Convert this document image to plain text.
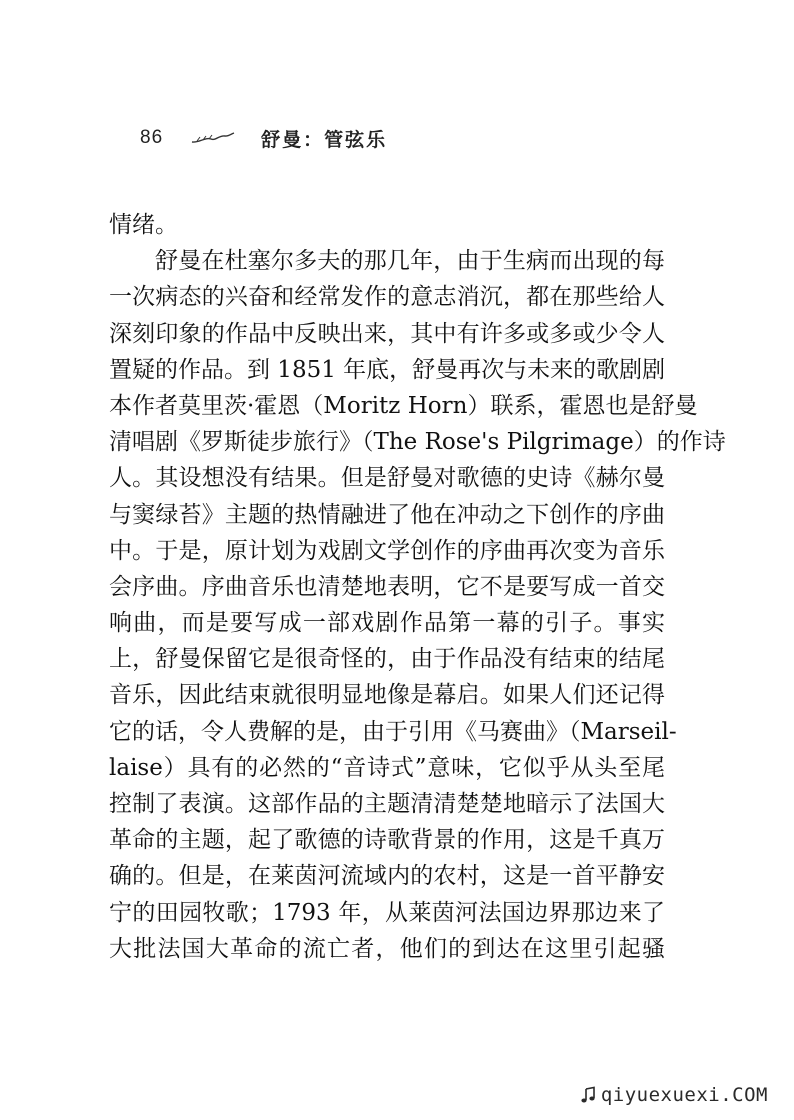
86	舒曼：管弦乐
情绪。
舒曼在杜塞尔多夫的那几年，由于生病而出现的每
一次病态的兴奋和经常发作的意志消沉，都在那些给人
深刻印象的作品中反映出来，其中有许多或多或少令人
置疑的作品。到 1851 年底，舒曼再次与未来的歌剧剧
本作者莫里茨·霍恩（Moritz Horn）联系，霍恩也是舒曼
清唱剧《罗斯徒步旅行》（The Rose's Pilgrimage）的作诗
人。其设想没有结果。但是舒曼对歌德的史诗《赫尔曼
与窦绿苔》主题的热情融进了他在冲动之下创作的序曲
中。于是，原计划为戏剧文学创作的序曲再次变为音乐
会序曲。序曲音乐也清楚地表明，它不是要写成一首交
响曲，而是要写成一部戏剧作品第一幕的引子。事实
上，舒曼保留它是很奇怪的，由于作品没有结束的结尾
音乐，因此结束就很明显地像是幕启。如果人们还记得
它的话，令人费解的是，由于引用《马赛曲》（Marseil-
laise）具有的必然的“音诗式”意味，它似乎从头至尾
控制了表演。这部作品的主题清清楚楚地暗示了法国大
革命的主题，起了歌德的诗歌背景的作用，这是千真万
确的。但是，在莱茵河流域内的农村，这是一首平静安
宁的田园牧歌；1793 年，从莱茵河法国边界那边来了
大批法国大革命的流亡者，他们的到达在这里引起骚
qiyuexuexi.COM
